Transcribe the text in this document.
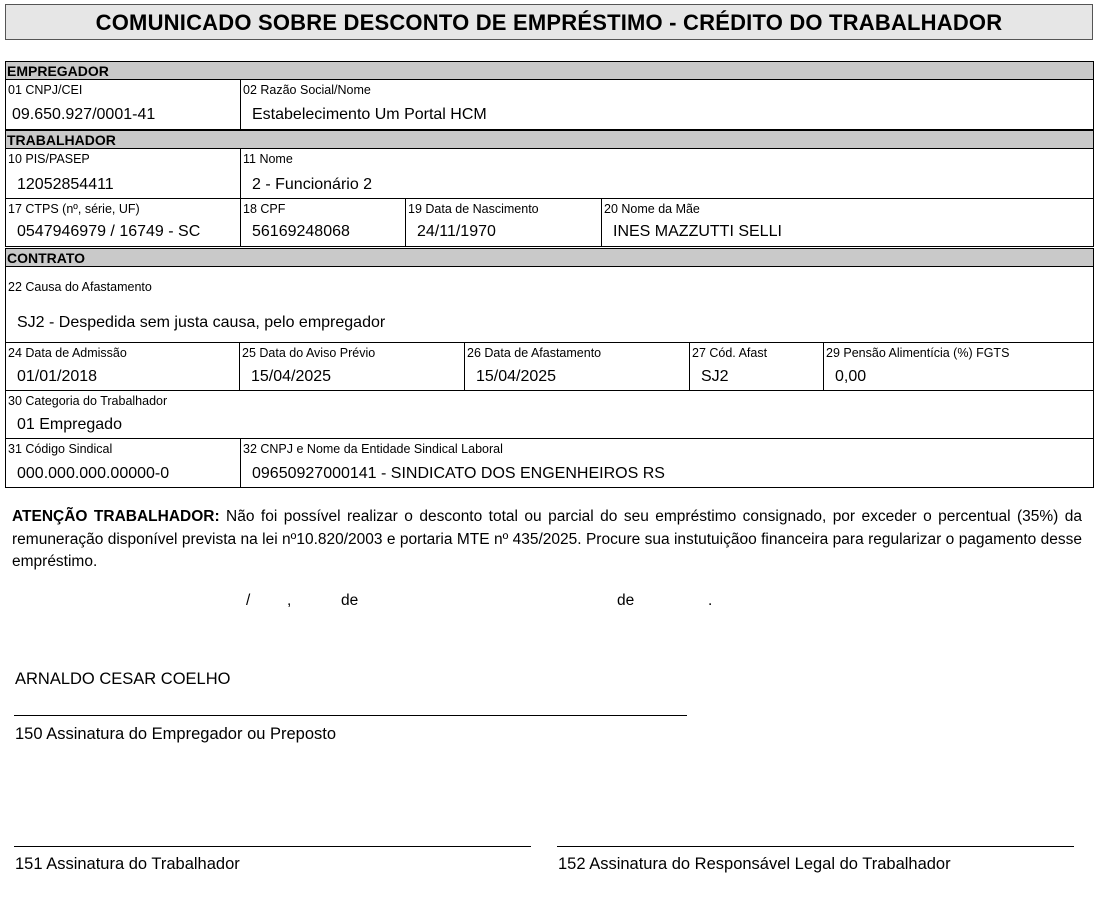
COMUNICADO SOBRE DESCONTO DE EMPRÉSTIMO - CRÉDITO DO TRABALHADOR
EMPREGADOR
01 CNPJ/CEI
09.650.927/0001-41
02 Razão Social/Nome
Estabelecimento Um Portal HCM
TRABALHADOR
10 PIS/PASEP
12052854411
11 Nome
2 - Funcionário 2
17 CTPS (nº, série, UF)
0547946979 / 16749 - SC
18 CPF
56169248068
19 Data de Nascimento
24/11/1970
20 Nome da Mãe
INES MAZZUTTI SELLI
CONTRATO
22 Causa do Afastamento
SJ2 - Despedida sem justa causa, pelo empregador
24 Data de Admissão
01/01/2018
25 Data do Aviso Prévio
15/04/2025
26 Data de Afastamento
15/04/2025
27 Cód. Afast
SJ2
29 Pensão Alimentícia (%) FGTS
0,00
30 Categoria do Trabalhador
01 Empregado
31 Código Sindical
000.000.000.00000-0
32 CNPJ e Nome da Entidade Sindical Laboral
09650927000141 - SINDICATO DOS ENGENHEIROS RS
ATENÇÃO TRABALHADOR: Não foi possível realizar o desconto total ou parcial do seu empréstimo consignado, por exceder o percentual (35%) da remuneração disponível prevista na lei nº10.820/2003 e portaria MTE nº 435/2025. Procure sua instutuiçãoo financeira para regularizar o pagamento desse empréstimo.
/ ,	de	de	.
ARNALDO CESAR COELHO
150 Assinatura do Empregador ou Preposto
151 Assinatura do Trabalhador	152 Assinatura do Responsável Legal do Trabalhador
